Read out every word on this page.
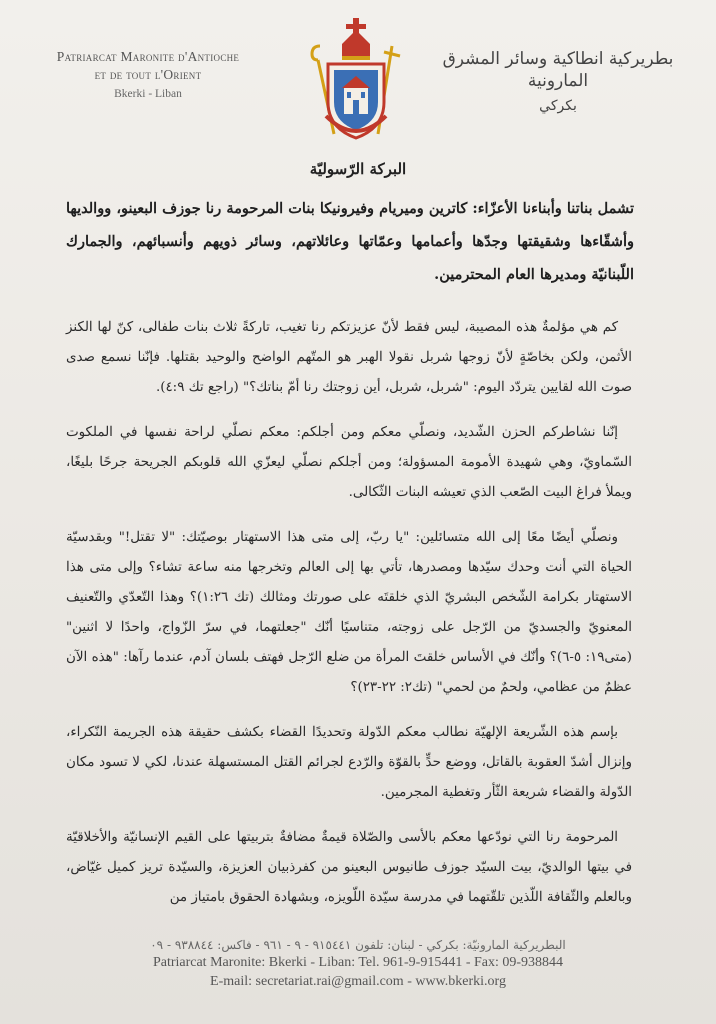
Patriarcat Maronite d'Antioche
et de tout l'Orient
Bkerki - Liban
بطريركية انطاكية وسائر المشرق المارونية
بكركي
البركة الرّسوليّة
تشمل بناتنا وأبناءنا الأعزّاء: كاترين وميريام وفيرونيكا بنات المرحومة رنا جوزف البعينو، ووالديها وأشقّاءها وشقيقتها وجدّها وأعمامها وعمّاتها وعائلاتهم، وسائر ذويهم وأنسبائهم، والجمارك اللّبنانيّة ومديرها العام المحترمين.

كم هي مؤلمةٌ هذه المصيبة، ليس فقط لأنّ عزيزتكم رنا تغيب، تاركةً ثلاث بنات طفالى، كنّ لها الكنز الأثمن، ولكن بخاصّةٍ لأنّ زوجها شربل نقولا الهبر هو المتّهم الواضح والوحيد بقتلها. فإنّنا نسمع صدى صوت الله لقايين يتردّد اليوم: "شربل، شربل، أين زوجتك رنا أمّ بناتك؟" (راجع تك ٤:٩).

إنّنا نشاطركم الحزن الشّديد، ونصلّي معكم ومن أجلكم: معكم نصلّي لراحة نفسها في الملكوت السّماويّ، وهي شهيدة الأمومة المسؤولة؛ ومن أجلكم نصلّي ليعزّي الله قلوبكم الجريحة جرحًا بليغًا، ويملأ فراغ البيت الصّعب الذي تعيشه البنات الثّكالى.

ونصلّي أيضًا معًا إلى الله متسائلين: "يا ربّ، إلى متى هذا الاستهتار بوصيّتك: "لا تقتل!" وبقدسيّة الحياة التي أنت وحدك سيّدها ومصدرها، تأتي بها إلى العالم وتخرجها منه ساعة تشاء؟ وإلى متى هذا الاستهتار بكرامة الشّخص البشريّ الذي خلقتَه على صورتك ومثالك (تك ١:٢٦)؟ وهذا التّعدّي والتّعنيف المعنويّ والجسديّ من الرّجل على زوجته، متناسيًا أنّك "جعلتهما، في سرّ الزّواج، واحدًا لا اثنين" (متى١٩: ٥-٦)؟ وأنّك في الأساس خلقتَ المرأة من ضلع الرّجل فهتف بلسان آدم، عندما رآها: "هذه الآن عظمٌ من عظامي، ولحمٌ من لحمي" (تك٢: ٢٢-٢٣)؟

بإسم هذه الشّريعة الإلهيّة نطالب معكم الدّولة وتحديدًا القضاء بكشف حقيقة هذه الجريمة النّكراء، وإنزال أشدّ العقوبة بالقاتل، ووضع حدٍّ بالقوّة والرّدع لجرائم القتل المستسهلة عندنا، لكي لا تسود مكان الدّولة والقضاء شريعة الثّأر وتغطية المجرمين.

المرحومة رنا التي نودّعها معكم بالأسى والصّلاة قيمةٌ مضافةٌ بتربيتها على القيم الإنسانيّة والأخلاقيّة في بيتها الوالديّ، بيت السيّد جوزف طانيوس البعينو من كفرذبيان العزيزة، والسيّدة تريز كميل غيّاض، وبالعلم والثّقافة اللّذين تلقّتهما في مدرسة سيّدة اللّويزه، وبشهادة الحقوق بامتياز من

البطريركية المارونيّة: بكركي - لبنان: تلفون ٩١٥٤٤١ - ٩ - ٩٦١ - فاكس: ٩٣٨٨٤٤ - ٠٩
Patriarcat Maronite: Bkerki - Liban: Tel. 961-9-915441 - Fax: 09-938844
E-mail: secretariat.rai@gmail.com - www.bkerki.org
